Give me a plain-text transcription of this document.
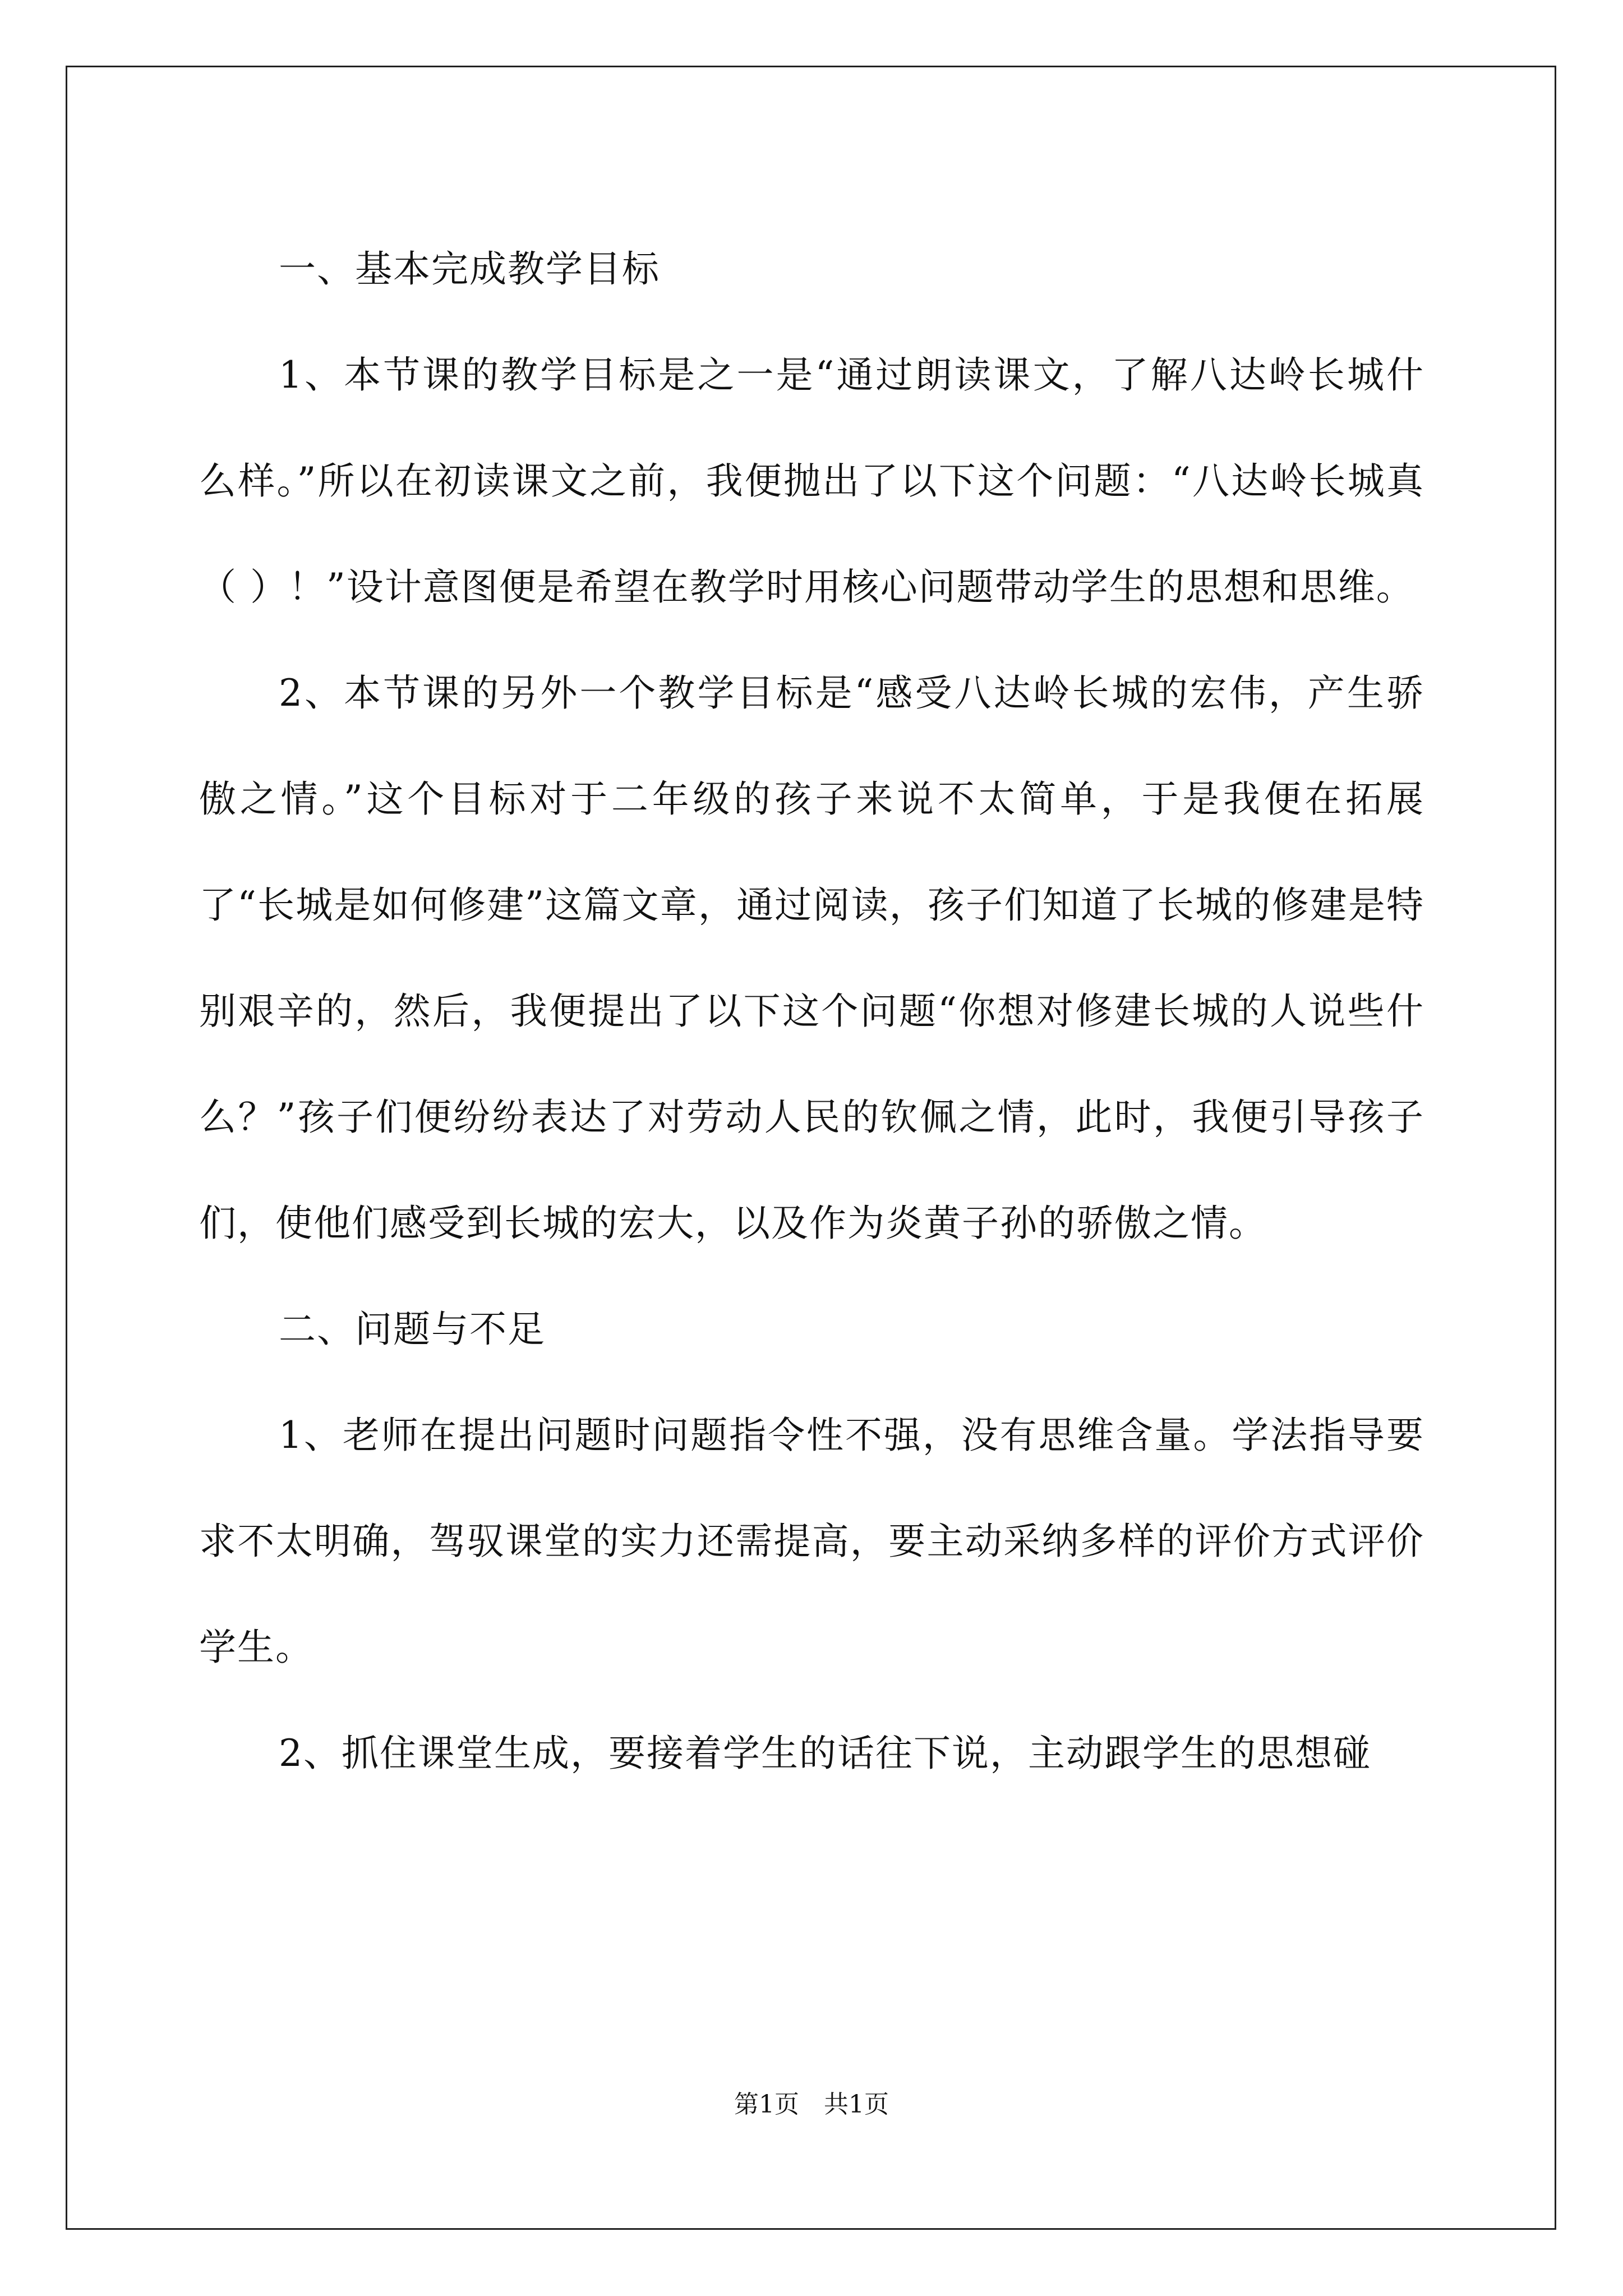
一、基本完成教学目标

1、本节课的教学目标是之一是“通过朗读课文，了解八达岭长城什么样。”所以在初读课文之前，我便抛出了以下这个问题：“八达岭长城真（ ）！”设计意图便是希望在教学时用核心问题带动学生的思想和思维。

2、本节课的另外一个教学目标是“感受八达岭长城的宏伟，产生骄傲之情。”这个目标对于二年级的孩子来说不太简单，于是我便在拓展了“长城是如何修建”这篇文章，通过阅读，孩子们知道了长城的修建是特别艰辛的，然后，我便提出了以下这个问题“你想对修建长城的人说些什么？”孩子们便纷纷表达了对劳动人民的钦佩之情，此时，我便引导孩子们，使他们感受到长城的宏大，以及作为炎黄子孙的骄傲之情。

二、问题与不足

1、老师在提出问题时问题指令性不强，没有思维含量。学法指导要求不太明确，驾驭课堂的实力还需提高，要主动采纳多样的评价方式评价学生。

2、抓住课堂生成，要接着学生的话往下说，主动跟学生的思想碰

第1页　共1页
